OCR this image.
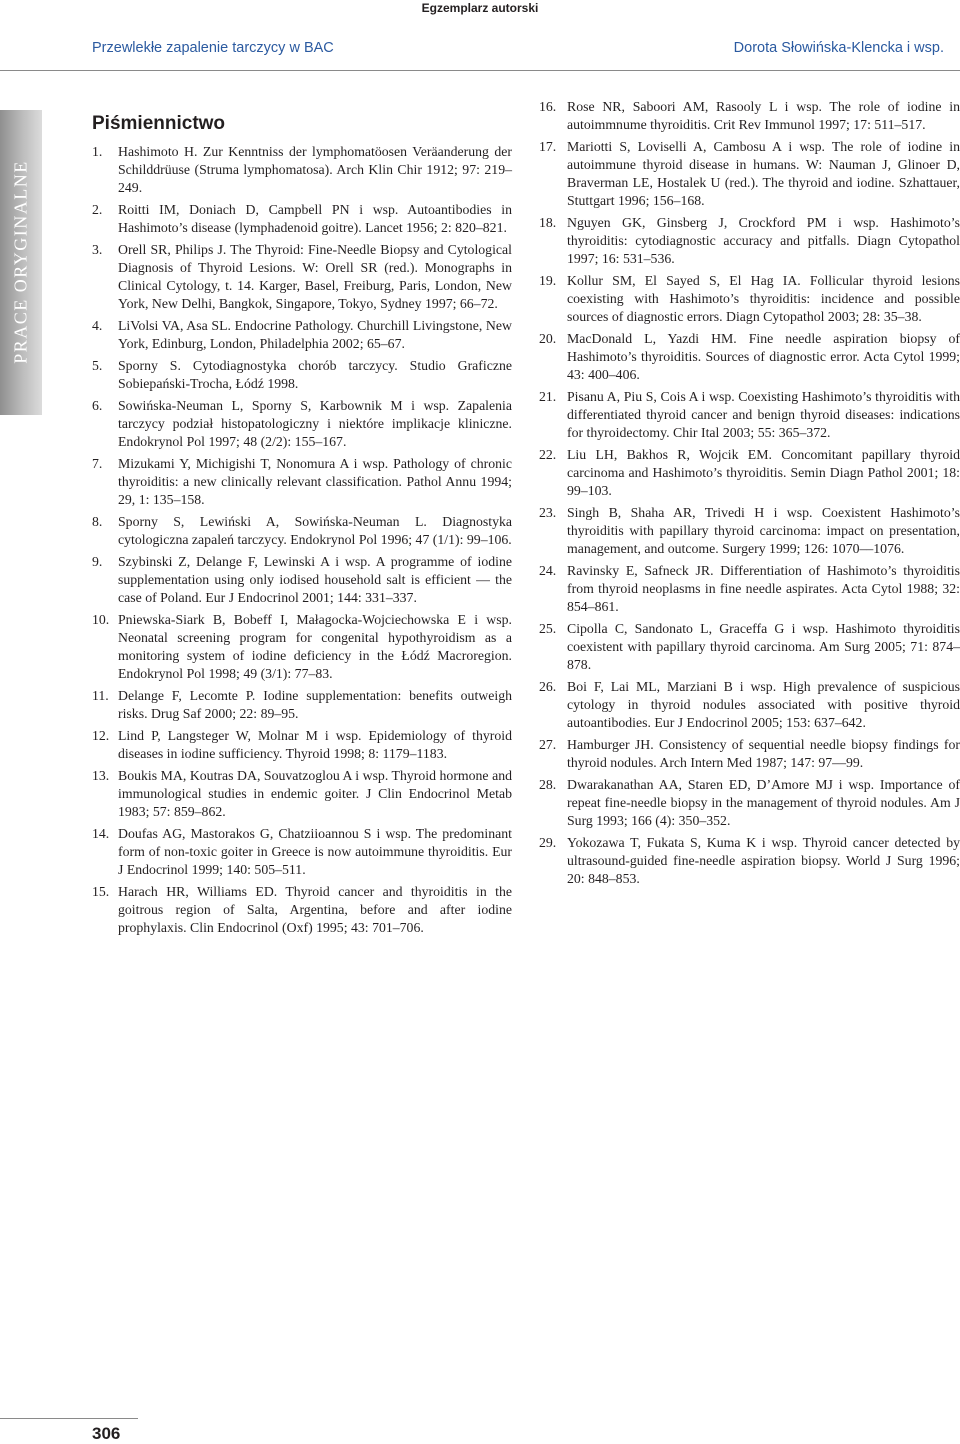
Egzemplarz autorski
Przewlekłe zapalenie tarczycy w BAC	Dorota Słowińska-Klencka i wsp.
PRACE ORYGINALNE
Piśmiennictwo
1. Hashimoto H. Zur Kenntniss der lymphomatöosen Veräanderung der Schilddrüuse (Struma lymphomatosa). Arch Klin Chir 1912; 97: 219–249.
2. Roitti IM, Doniach D, Campbell PN i wsp. Autoantibodies in Hashimoto’s disease (lymphadenoid goitre). Lancet 1956; 2: 820–821.
3. Orell SR, Philips J. The Thyroid: Fine-Needle Biopsy and Cytological Diagnosis of Thyroid Lesions. W: Orell SR (red.). Monographs in Clinical Cytology, t. 14. Karger, Basel, Freiburg, Paris, London, New York, New Delhi, Bangkok, Singapore, Tokyo, Sydney 1997; 66–72.
4. LiVolsi VA, Asa SL. Endocrine Pathology. Churchill Livingstone, New York, Edinburg, London, Philadelphia 2002; 65–67.
5. Sporny S. Cytodiagnostyka chorób tarczycy. Studio Graficzne Sobiepański-Trocha, Łódź 1998.
6. Sowińska-Neuman L, Sporny S, Karbownik M i wsp. Zapalenia tarczycy podział histopatologiczny i niektóre implikacje kliniczne. Endokrynol Pol 1997; 48 (2/2): 155–167.
7. Mizukami Y, Michigishi T, Nonomura A i wsp. Pathology of chronic thyroiditis: a new clinically relevant classification. Pathol Annu 1994; 29, 1: 135–158.
8. Sporny S, Lewiński A, Sowińska-Neuman L. Diagnostyka cytologiczna zapaleń tarczycy. Endokrynol Pol 1996; 47 (1/1): 99–106.
9. Szybinski Z, Delange F, Lewinski A i wsp. A programme of iodine supplementation using only iodised household salt is efficient — the case of Poland. Eur J Endocrinol 2001; 144: 331–337.
10. Pniewska-Siark B, Bobeff I, Małagocka-Wojciechowska E i wsp. Neonatal screening program for congenital hypothyroidism as a monitoring system of iodine deficiency in the Łódź Macroregion. Endokrynol Pol 1998; 49 (3/1): 77–83.
11. Delange F, Lecomte P. Iodine supplementation: benefits outweigh risks. Drug Saf 2000; 22: 89–95.
12. Lind P, Langsteger W, Molnar M i wsp. Epidemiology of thyroid diseases in iodine sufficiency. Thyroid 1998; 8: 1179–1183.
13. Boukis MA, Koutras DA, Souvatzoglou A i wsp. Thyroid hormone and immunological studies in endemic goiter. J Clin Endocrinol Metab 1983; 57: 859–862.
14. Doufas AG, Mastorakos G, Chatziioannou S i wsp. The predominant form of non-toxic goiter in Greece is now autoimmune thyroiditis. Eur J Endocrinol 1999; 140: 505–511.
15. Harach HR, Williams ED. Thyroid cancer and thyroiditis in the goitrous region of Salta, Argentina, before and after iodine prophylaxis. Clin Endocrinol (Oxf) 1995; 43: 701–706.
16. Rose NR, Saboori AM, Rasooly L i wsp. The role of iodine in autoimmnume thyroiditis. Crit Rev Immunol 1997; 17: 511–517.
17. Mariotti S, Loviselli A, Cambosu A i wsp. The role of iodine in autoimmune thyroid disease in humans. W: Nauman J, Glinoer D, Braverman LE, Hostalek U (red.). The thyroid and iodine. Szhattauer, Stuttgart 1996; 156–168.
18. Nguyen GK, Ginsberg J, Crockford PM i wsp. Hashimoto’s thyroiditis: cytodiagnostic accuracy and pitfalls. Diagn Cytopathol 1997; 16: 531–536.
19. Kollur SM, El Sayed S, El Hag IA. Follicular thyroid lesions coexisting with Hashimoto’s thyroiditis: incidence and possible sources of diagnostic errors. Diagn Cytopathol 2003; 28: 35–38.
20. MacDonald L, Yazdi HM. Fine needle aspiration biopsy of Hashimoto’s thyroiditis. Sources of diagnostic error. Acta Cytol 1999; 43: 400–406.
21. Pisanu A, Piu S, Cois A i wsp. Coexisting Hashimoto’s thyroiditis with differentiated thyroid cancer and benign thyroid diseases: indications for thyroidectomy. Chir Ital 2003; 55: 365–372.
22. Liu LH, Bakhos R, Wojcik EM. Concomitant papillary thyroid carcinoma and Hashimoto’s thyroiditis. Semin Diagn Pathol 2001; 18: 99–103.
23. Singh B, Shaha AR, Trivedi H i wsp. Coexistent Hashimoto’s thyroiditis with papillary thyroid carcinoma: impact on presentation, management, and outcome. Surgery 1999; 126: 1070––1076.
24. Ravinsky E, Safneck JR. Differentiation of Hashimoto’s thyroiditis from thyroid neoplasms in fine needle aspirates. Acta Cytol 1988; 32: 854–861.
25. Cipolla C, Sandonato L, Graceffa G i wsp. Hashimoto thyroiditis coexistent with papillary thyroid carcinoma. Am Surg 2005; 71: 874–878.
26. Boi F, Lai ML, Marziani B i wsp. High prevalence of suspicious cytology in thyroid nodules associated with positive thyroid autoantibodies. Eur J Endocrinol 2005; 153: 637–642.
27. Hamburger JH. Consistency of sequential needle biopsy findings for thyroid nodules. Arch Intern Med 1987; 147: 97––99.
28. Dwarakanathan AA, Staren ED, D’Amore MJ i wsp. Importance of repeat fine-needle biopsy in the management of thyroid nodules. Am J Surg 1993; 166 (4): 350–352.
29. Yokozawa T, Fukata S, Kuma K i wsp. Thyroid cancer detected by ultrasound-guided fine-needle aspiration biopsy. World J Surg 1996; 20: 848–853.
306
